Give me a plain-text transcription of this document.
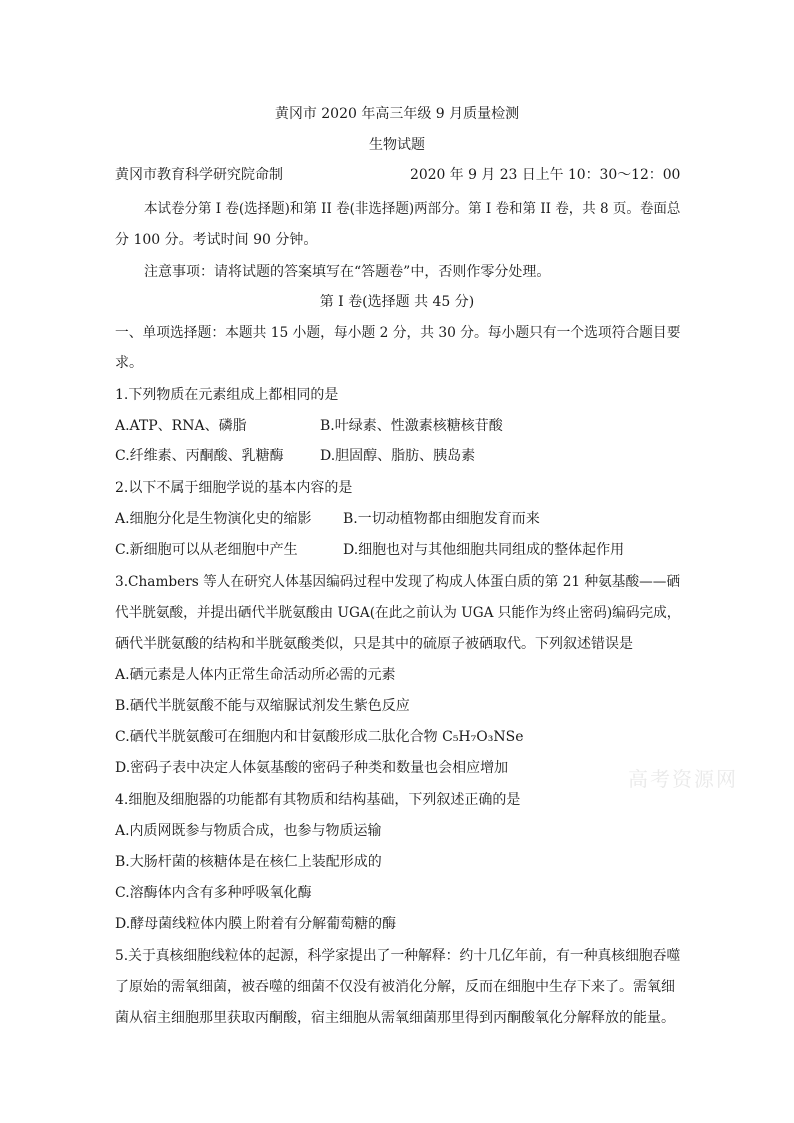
黄冈市 2020 年高三年级 9 月质量检测
生物试题
黄冈市教育科学研究院命制	2020 年 9 月 23 日上午 10：30～12：00
本试卷分第 I 卷(选择题)和第 II 卷(非选择题)两部分。第 I 卷和第 II 卷，共 8 页。卷面总
分 100 分。考试时间 90 分钟。
注意事项：请将试题的答案填写在“答题卷”中，否则作零分处理。
第 I 卷(选择题 共 45 分)
一、单项选择题：本题共 15 小题，每小题 2 分，共 30 分。每小题只有一个选项符合题目要
求。
1.下列物质在元素组成上都相同的是
A.ATP、RNA、磷脂	B.叶绿素、性激素核糖核苷酸
C.纤维素、丙酮酸、乳糖酶	D.胆固醇、脂肪、胰岛素
2.以下不属于细胞学说的基本内容的是
A.细胞分化是生物演化史的缩影 B.一切动植物都由细胞发育而来
C.新细胞可以从老细胞中产生	D.细胞也对与其他细胞共同组成的整体起作用
3.Chambers 等人在研究人体基因编码过程中发现了构成人体蛋白质的第 21 种氨基酸——硒
代半胱氨酸，并提出硒代半胱氨酸由 UGA(在此之前认为 UGA 只能作为终止密码)编码完成，
硒代半胱氨酸的结构和半胱氨酸类似，只是其中的硫原子被硒取代。下列叙述错误是
A.硒元素是人体内正常生命活动所必需的元素
B.硒代半胱氨酸不能与双缩脲试剂发生紫色反应
C.硒代半胱氨酸可在细胞内和甘氨酸形成二肽化合物 C₅H₇O₃NSe
D.密码子表中决定人体氨基酸的密码子种类和数量也会相应增加
4.细胞及细胞器的功能都有其物质和结构基础，下列叙述正确的是
A.内质网既参与物质合成，也参与物质运输
B.大肠杆菌的核糖体是在核仁上装配形成的
C.溶酶体内含有多种呼吸氧化酶
D.酵母菌线粒体内膜上附着有分解葡萄糖的酶
5.关于真核细胞线粒体的起源，科学家提出了一种解释：约十几亿年前，有一种真核细胞吞噬
了原始的需氧细菌，被吞噬的细菌不仅没有被消化分解，反而在细胞中生存下来了。需氧细
菌从宿主细胞那里获取丙酮酸，宿主细胞从需氧细菌那里得到丙酮酸氧化分解释放的能量。
高考资源网
